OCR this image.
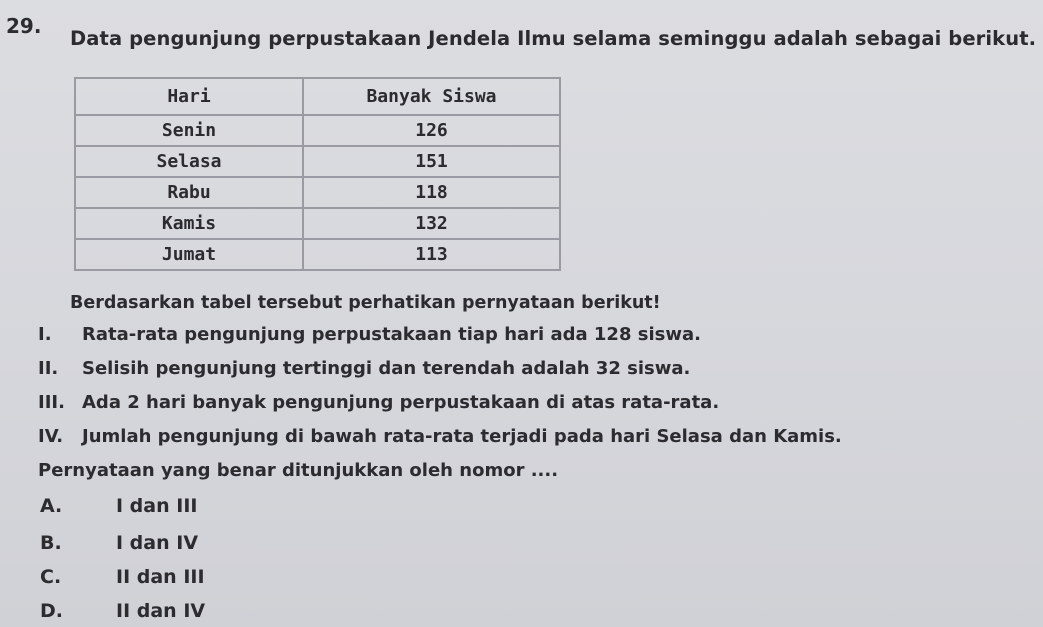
29.
Data pengunjung perpustakaan Jendela Ilmu selama seminggu adalah sebagai berikut.
Hari	Banyak Siswa
Senin	126
Selasa	151
Rabu	118
Kamis	132
Jumat	113
Berdasarkan tabel tersebut perhatikan pernyataan berikut!
I. Rata-rata pengunjung perpustakaan tiap hari ada 128 siswa.
II. Selisih pengunjung tertinggi dan terendah adalah 32 siswa.
III. Ada 2 hari banyak pengunjung perpustakaan di atas rata-rata.
IV. Jumlah pengunjung di bawah rata-rata terjadi pada hari Selasa dan Kamis.
Pernyataan yang benar ditunjukkan oleh nomor ....
A.	I dan III
B.	I dan IV
C.	II dan III
D.	II dan IV
